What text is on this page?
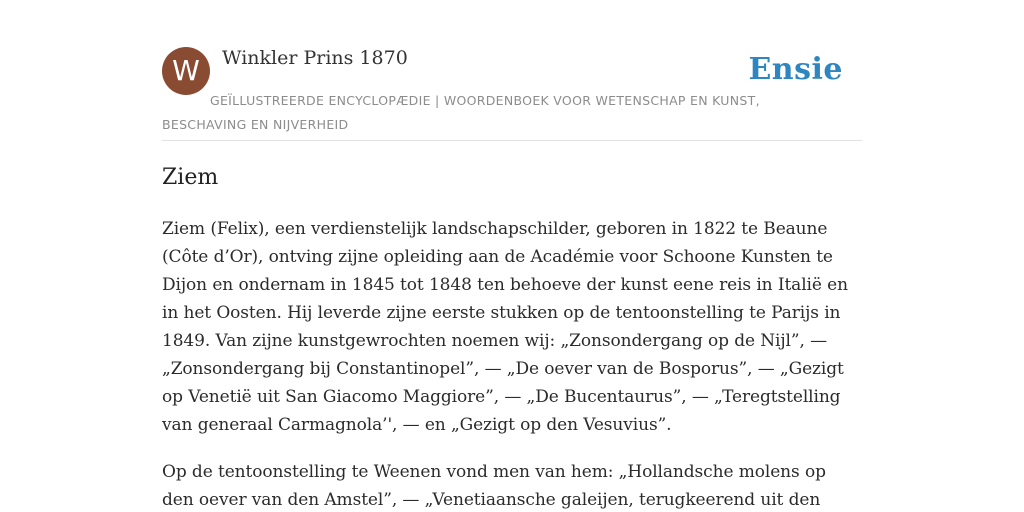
W	Winkler Prins 1870	Ensie
GEÏLLUSTREERDE ENCYCLOPÆDIE | WOORDENBOEK VOOR WETENSCHAP EN KUNST, BESCHAVING EN NIJVERHEID
Ziem

Ziem (Felix), een verdienstelijk landschapschilder, geboren in 1822 te Beaune (Côte d’Or), ontving zijne opleiding aan de Académie voor Schoone Kunsten te Dijon en ondernam in 1845 tot 1848 ten behoeve der kunst eene reis in Italië en in het Oosten. Hij leverde zijne eerste stukken op de tentoonstelling te Parijs in 1849. Van zijne kunstgewrochten noemen wij: „Zonsondergang op de Nijl”, — „Zonsondergang bij Constantinopel”, — „De oever van de Bosporus”, — „Gezigt op Venetië uit San Giacomo Maggiore”, — „De Bucentaurus”, — „Teregtstelling van generaal Carmagnola’', — en „Gezigt op den Vesuvius”.

Op de tentoonstelling te Weenen vond men van hem: „Hollandsche molens op den oever van den Amstel”, — „Venetiaansche galeijen, terugkeerend uit den
